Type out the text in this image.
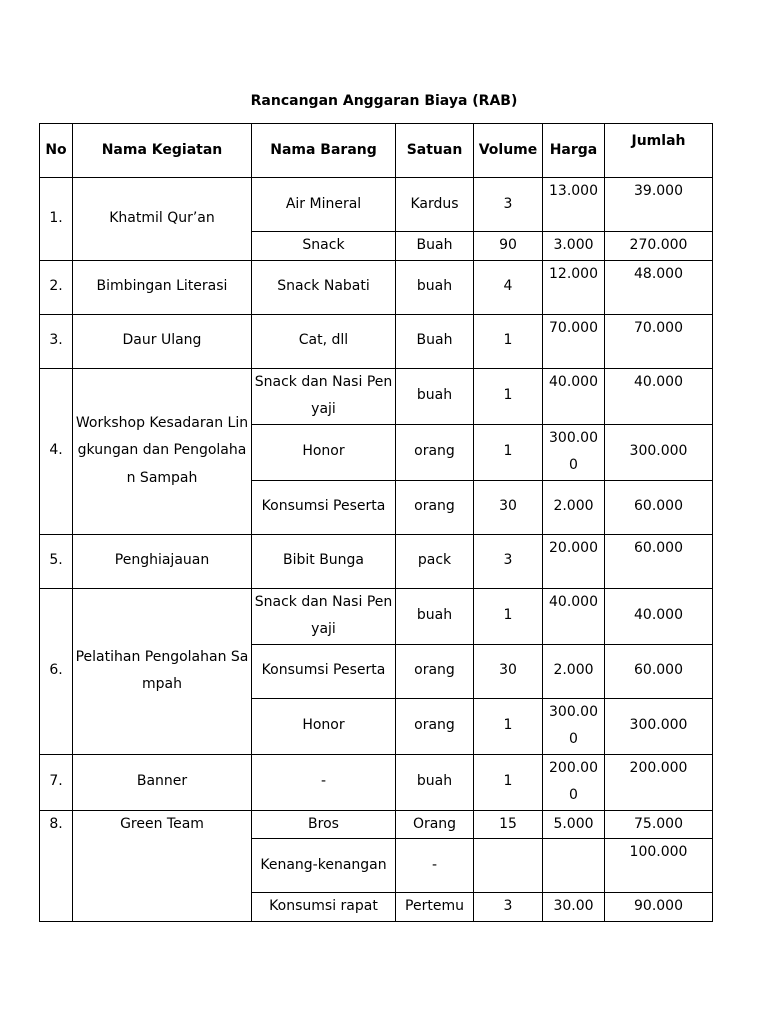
Rancangan Anggaran Biaya (RAB)
No	Nama Kegiatan	Nama Barang	Satuan	Volume	Harga	Jumlah
1.	Khatmil Qur’an	Air Mineral	Kardus	3	13.000	39.000
		Snack	Buah	90	3.000	270.000
2.	Bimbingan Literasi	Snack Nabati	buah	4	12.000	48.000
3.	Daur Ulang	Cat, dll	Buah	1	70.000	70.000
4.	Workshop Kesadaran Lingkungan dan Pengolahan Sampah	Snack dan Nasi Penyaji	buah	1	40.000	40.000
		Honor	orang	1	300.000	300.000
		Konsumsi Peserta	orang	30	2.000	60.000
5.	Penghiajauan	Bibit Bunga	pack	3	20.000	60.000
6.	Pelatihan Pengolahan Sampah	Snack dan Nasi Penyaji	buah	1	40.000	40.000
		Konsumsi Peserta	orang	30	2.000	60.000
		Honor	orang	1	300.000	300.000
7.	Banner	-	buah	1	200.000	200.000
8.	Green Team	Bros	Orang	15	5.000	75.000
		Kenang-kenangan	-			100.000
		Konsumsi rapat	Pertemu	3	30.00	90.000
